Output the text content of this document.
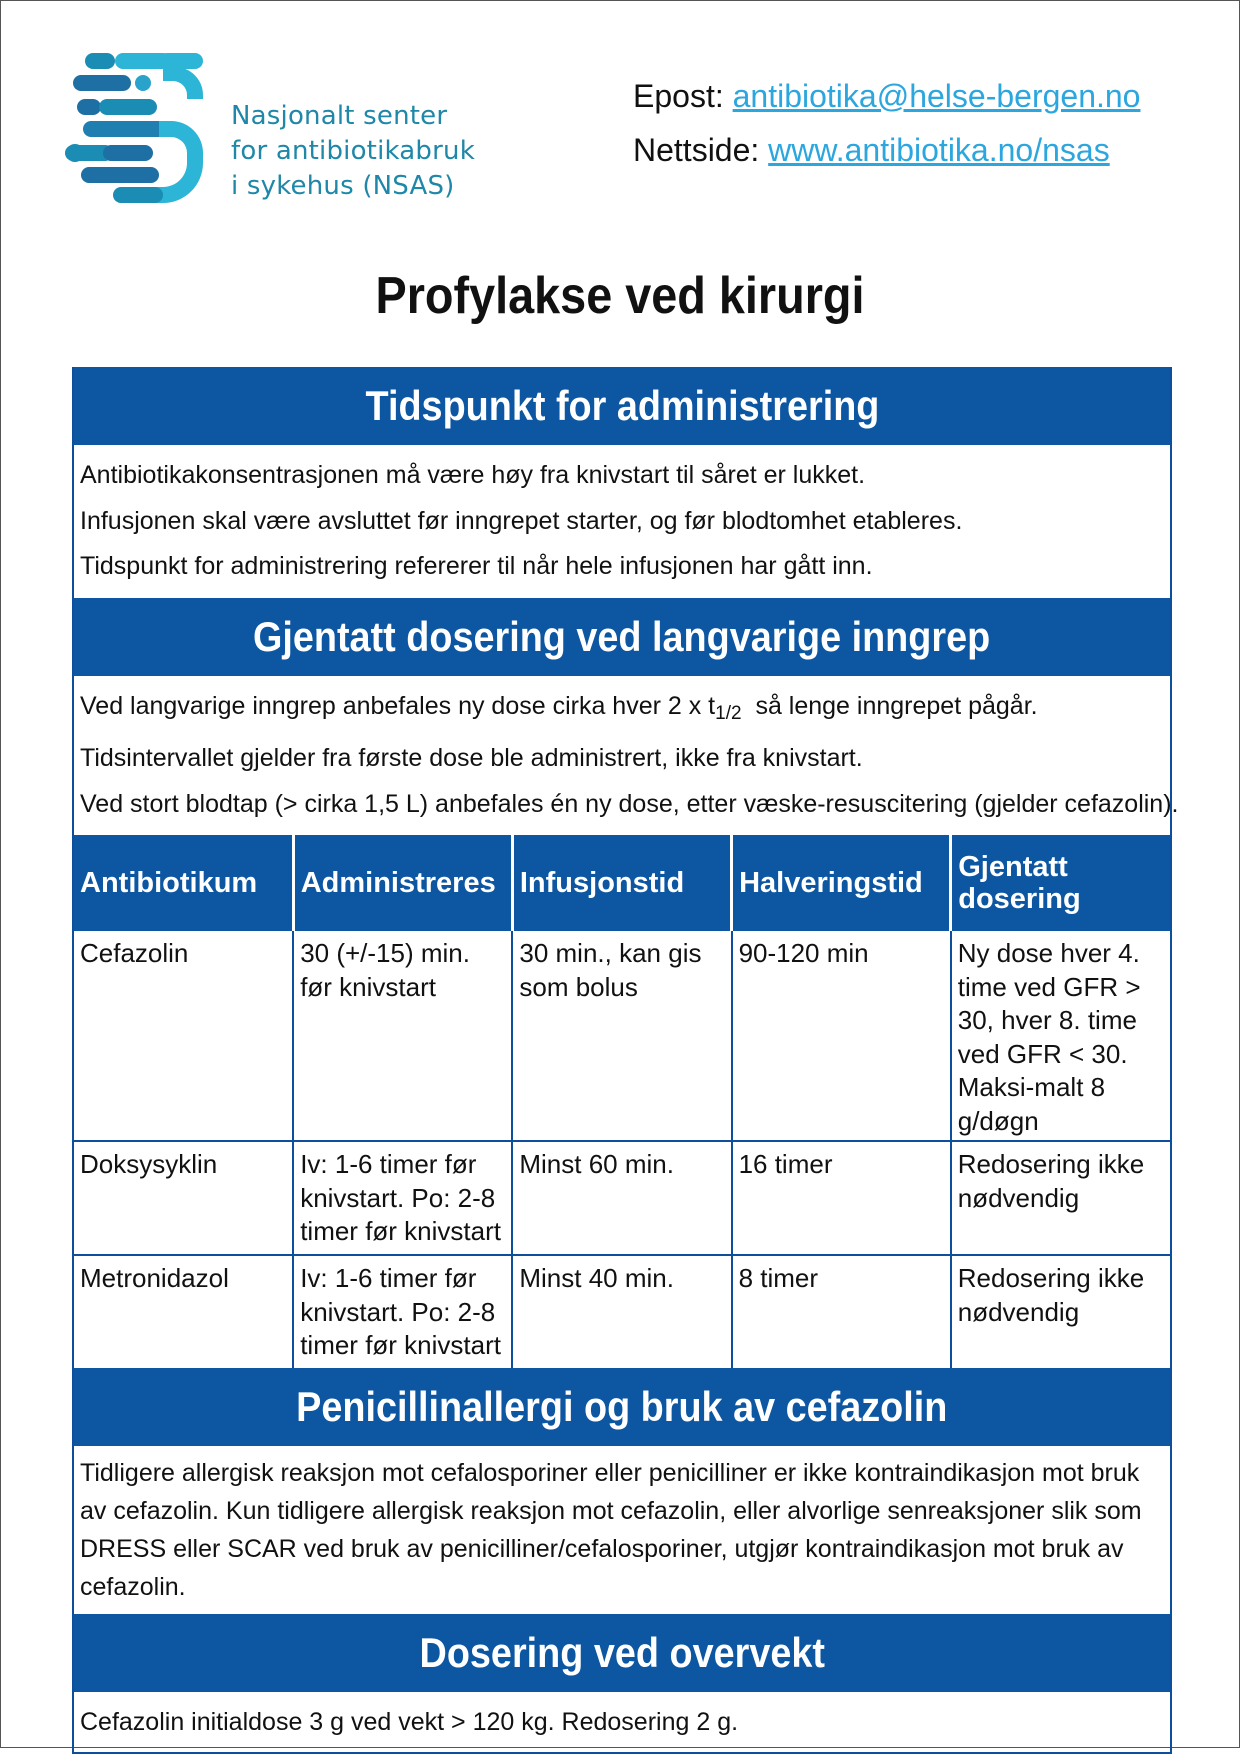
Nasjonalt senter
for antibiotikabruk
i sykehus (NSAS)
Epost: antibiotika@helse-bergen.no
Nettside: www.antibiotika.no/nsas
Profylakse ved kirurgi
Tidspunkt for administrering

Antibiotikakonsentrasjonen må være høy fra knivstart til såret er lukket.

Infusjonen skal være avsluttet før inngrepet starter, og før blodtomhet etableres.

Tidspunkt for administrering refererer til når hele infusjonen har gått inn.

Gjentatt dosering ved langvarige inngrep

Ved langvarige inngrep anbefales ny dose cirka hver 2 x $t_{1/2}$  så lenge inngrepet pågår.

Tidsintervallet gjelder fra første dose ble administrert, ikke fra knivstart.

Ved stort blodtap (> cirka 1,5 L) anbefales én ny dose, etter væske-resuscitering (gjelder cefazolin).

Antibiotikum	Administreres	Infusjonstid	Halveringstid	Gjentatt dosering
Cefazolin	30 (+/-15) min. før knivstart	30 min., kan gis som bolus	90-120 min	Ny dose hver 4. time ved GFR > 30, hver 8. time ved GFR < 30. Maksi-malt 8 g/døgn
Doksysyklin	Iv: 1-6 timer før knivstart. Po: 2-8 timer før knivstart	Minst 60 min.	16 timer	Redosering ikke nødvendig
Metronidazol	Iv: 1-6 timer før knivstart. Po: 2-8 timer før knivstart	Minst 40 min.	8 timer	Redosering ikke nødvendig
Penicillinallergi og bruk av cefazolin

Tidligere allergisk reaksjon mot cefalosporiner eller penicilliner er ikke kontraindikasjon mot bruk av cefazolin. Kun tidligere allergisk reaksjon mot cefazolin, eller alvorlige senreaksjoner slik som DRESS eller SCAR ved bruk av penicilliner/cefalosporiner, utgjør kontraindikasjon mot bruk av cefazolin.

Dosering ved overvekt

Cefazolin initialdose 3 g ved vekt > 120 kg. Redosering 2 g.
